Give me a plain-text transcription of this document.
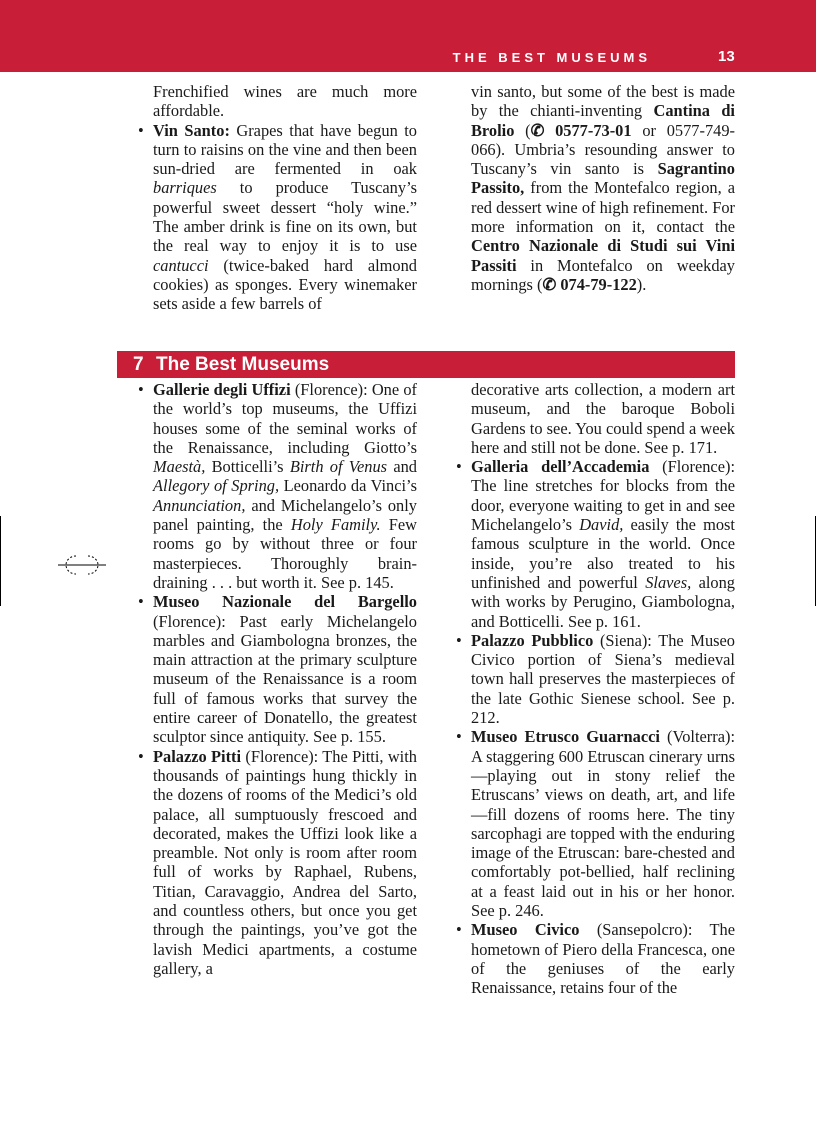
THE BEST MUSEUMS	13

Frenchified wines are much more affordable.

• Vin Santo: Grapes that have begun to turn to raisins on the vine and then been sun-dried are fermented in oak barriques to produce Tuscany’s powerful sweet dessert “holy wine.” The amber drink is fine on its own, but the real way to enjoy it is to use cantucci (twice-baked hard almond cookies) as sponges. Every winemaker sets aside a few barrels of

vin santo, but some of the best is made by the chianti-inventing Cantina di Brolio (✆ 0577-73-01 or 0577-749-066). Umbria’s resounding answer to Tuscany’s vin santo is Sagrantino Passito, from the Montefalco region, a red dessert wine of high refinement. For more information on it, contact the Centro Nazionale di Studi sui Vini Passiti in Montefalco on weekday mornings (✆ 074-79-122).

7 The Best Museums

• Gallerie degli Uffizi (Florence): One of the world’s top museums, the Uffizi houses some of the seminal works of the Renaissance, including Giotto’s Maestà, Botticelli’s Birth of Venus and Allegory of Spring, Leonardo da Vinci’s Annunciation, and Michelangelo’s only panel painting, the Holy Family. Few rooms go by without three or four masterpieces. Thoroughly brain-draining . . . but worth it. See p. 145.

• Museo Nazionale del Bargello (Florence): Past early Michelangelo marbles and Giambologna bronzes, the main attraction at the primary sculpture museum of the Renaissance is a room full of famous works that survey the entire career of Donatello, the greatest sculptor since antiquity. See p. 155.

• Palazzo Pitti (Florence): The Pitti, with thousands of paintings hung thickly in the dozens of rooms of the Medici’s old palace, all sumptuously frescoed and decorated, makes the Uffizi look like a preamble. Not only is room after room full of works by Raphael, Rubens, Titian, Caravaggio, Andrea del Sarto, and countless others, but once you get through the paintings, you’ve got the lavish Medici apartments, a costume gallery, a

decorative arts collection, a modern art museum, and the baroque Boboli Gardens to see. You could spend a week here and still not be done. See p. 171.

• Galleria dell’Accademia (Florence): The line stretches for blocks from the door, everyone waiting to get in and see Michelangelo’s David, easily the most famous sculpture in the world. Once inside, you’re also treated to his unfinished and powerful Slaves, along with works by Perugino, Giambologna, and Botticelli. See p. 161.

• Palazzo Pubblico (Siena): The Museo Civico portion of Siena’s medieval town hall preserves the masterpieces of the late Gothic Sienese school. See p. 212.

• Museo Etrusco Guarnacci (Volterra): A staggering 600 Etruscan cinerary urns—playing out in stony relief the Etruscans’ views on death, art, and life—fill dozens of rooms here. The tiny sarcophagi are topped with the enduring image of the Etruscan: bare-chested and comfortably pot-bellied, half reclining at a feast laid out in his or her honor. See p. 246.

• Museo Civico (Sansepolcro): The hometown of Piero della Francesca, one of the geniuses of the early Renaissance, retains four of the
